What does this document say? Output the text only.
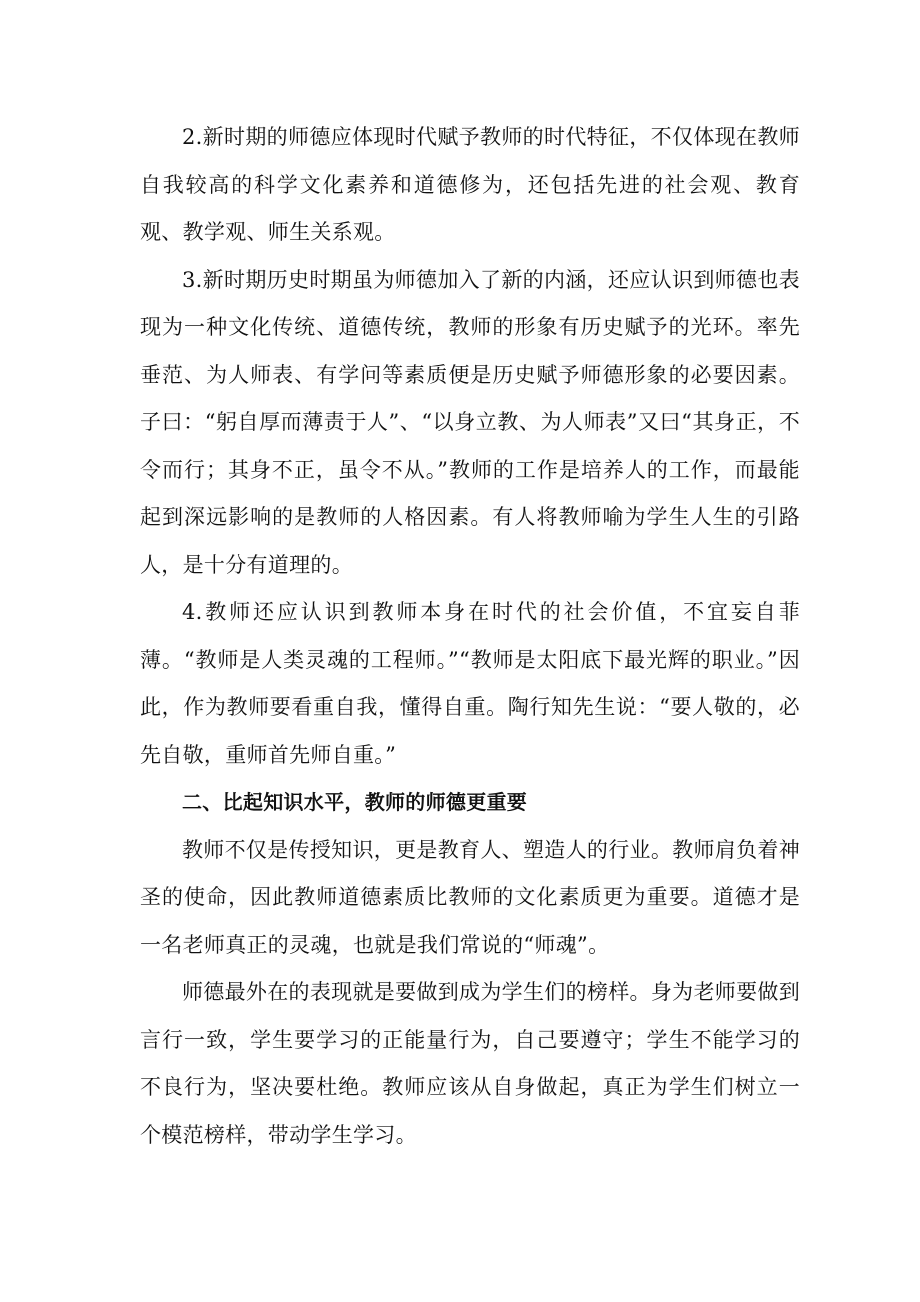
2.新时期的师德应体现时代赋予教师的时代特征，不仅体现在教师自我较高的科学文化素养和道德修为，还包括先进的社会观、教育观、教学观、师生关系观。

3.新时期历史时期虽为师德加入了新的内涵，还应认识到师德也表现为一种文化传统、道德传统，教师的形象有历史赋予的光环。率先垂范、为人师表、有学问等素质便是历史赋予师德形象的必要因素。子曰：“躬自厚而薄责于人”、“以身立教、为人师表”又曰“其身正，不令而行；其身不正，虽令不从。”教师的工作是培养人的工作，而最能起到深远影响的是教师的人格因素。有人将教师喻为学生人生的引路人，是十分有道理的。

4.教师还应认识到教师本身在时代的社会价值，不宜妄自菲薄。“教师是人类灵魂的工程师。”“教师是太阳底下最光辉的职业。”因此，作为教师要看重自我，懂得自重。陶行知先生说：“要人敬的，必先自敬，重师首先师自重。”

二、比起知识水平，教师的师德更重要

教师不仅是传授知识，更是教育人、塑造人的行业。教师肩负着神圣的使命，因此教师道德素质比教师的文化素质更为重要。道德才是一名老师真正的灵魂，也就是我们常说的“师魂”。

师德最外在的表现就是要做到成为学生们的榜样。身为老师要做到言行一致，学生要学习的正能量行为，自己要遵守；学生不能学习的不良行为，坚决要杜绝。教师应该从自身做起，真正为学生们树立一个模范榜样，带动学生学习。
